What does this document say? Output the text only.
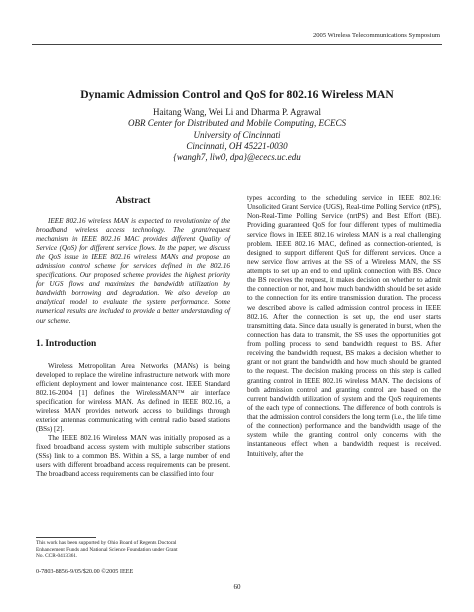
2005 Wireless Telecommunications Symposium
Dynamic Admission Control and QoS for 802.16 Wireless MAN
Haitang Wang, Wei Li and Dharma P. Agrawal
OBR Center for Distributed and Mobile Computing, ECECS
University of Cincinnati
Cincinnati, OH 45221-0030
{wangh7, liw0, dpa}@ececs.uc.edu
Abstract

IEEE 802.16 wireless MAN is expected to revolutionize of the broadband wireless access technology. The grant/request mechanism in IEEE 802.16 MAC provides different Quality of Service (QoS) for different service flows. In the paper, we discuss the QoS issue in IEEE 802.16 wireless MANs and propose an admission control scheme for services defined in the 802.16 specifications. Our proposed scheme provides the highest priority for UGS flows and maximizes the bandwidth utilization by bandwidth borrowing and degradation. We also develop an analytical model to evaluate the system performance. Some numerical results are included to provide a better understanding of our scheme.

1. Introduction

Wireless Metropolitan Area Networks (MANs) is being developed to replace the wireline infrastructure network with more efficient deployment and lower maintenance cost. IEEE Standard 802.16-2004 [1] defines the WirelessMAN™ air interface specification for wireless MAN. As defined in IEEE 802.16, a wireless MAN provides network access to buildings through exterior antennas communicating with central radio based stations (BSs) [2].

The IEEE 802.16 Wireless MAN was initially proposed as a fixed broadband access system with multiple subscriber stations (SSs) link to a common BS. Within a SS, a large number of end users with different broadband access requirements can be present. The broadband access requirements can be classified into four

types according to the scheduling service in IEEE 802.16: Unsolicited Grant Service (UGS), Real-time Polling Service (rtPS), Non-Real-Time Polling Service (nrtPS) and Best Effort (BE). Providing guaranteed QoS for four different types of multimedia service flows in IEEE 802.16 wireless MAN is a real challenging problem. IEEE 802.16 MAC, defined as connection-oriented, is designed to support different QoS for different services. Once a new service flow arrives at the SS of a Wireless MAN, the SS attempts to set up an end to end uplink connection with BS. Once the BS receives the request, it makes decision on whether to admit the connection or not, and how much bandwidth should be set aside to the connection for its entire transmission duration. The process we described above is called admission control process in IEEE 802.16. After the connection is set up, the end user starts transmitting data. Since data usually is generated in burst, when the connection has data to transmit, the SS uses the opportunities got from polling process to send bandwidth request to BS. After receiving the bandwidth request, BS makes a decision whether to grant or not grant the bandwidth and how much should be granted to the request. The decision making process on this step is called granting control in IEEE 802.16 wireless MAN. The decisions of both admission control and granting control are based on the current bandwidth utilization of system and the QoS requirements of the each type of connections. The difference of both controls is that the admission control considers the long term (i.e., the life time of the connection) performance and the bandwidth usage of the system while the granting control only concerns with the instantaneous effect when a bandwidth request is received. Intuitively, after the

This work has been supported by Ohio Board of Regents Doctoral Enhancement Funds and National Science Foundation under Grant No. CCR-0413361.
0-7803-8856-9/05/$20.00 ©2005 IEEE
60
